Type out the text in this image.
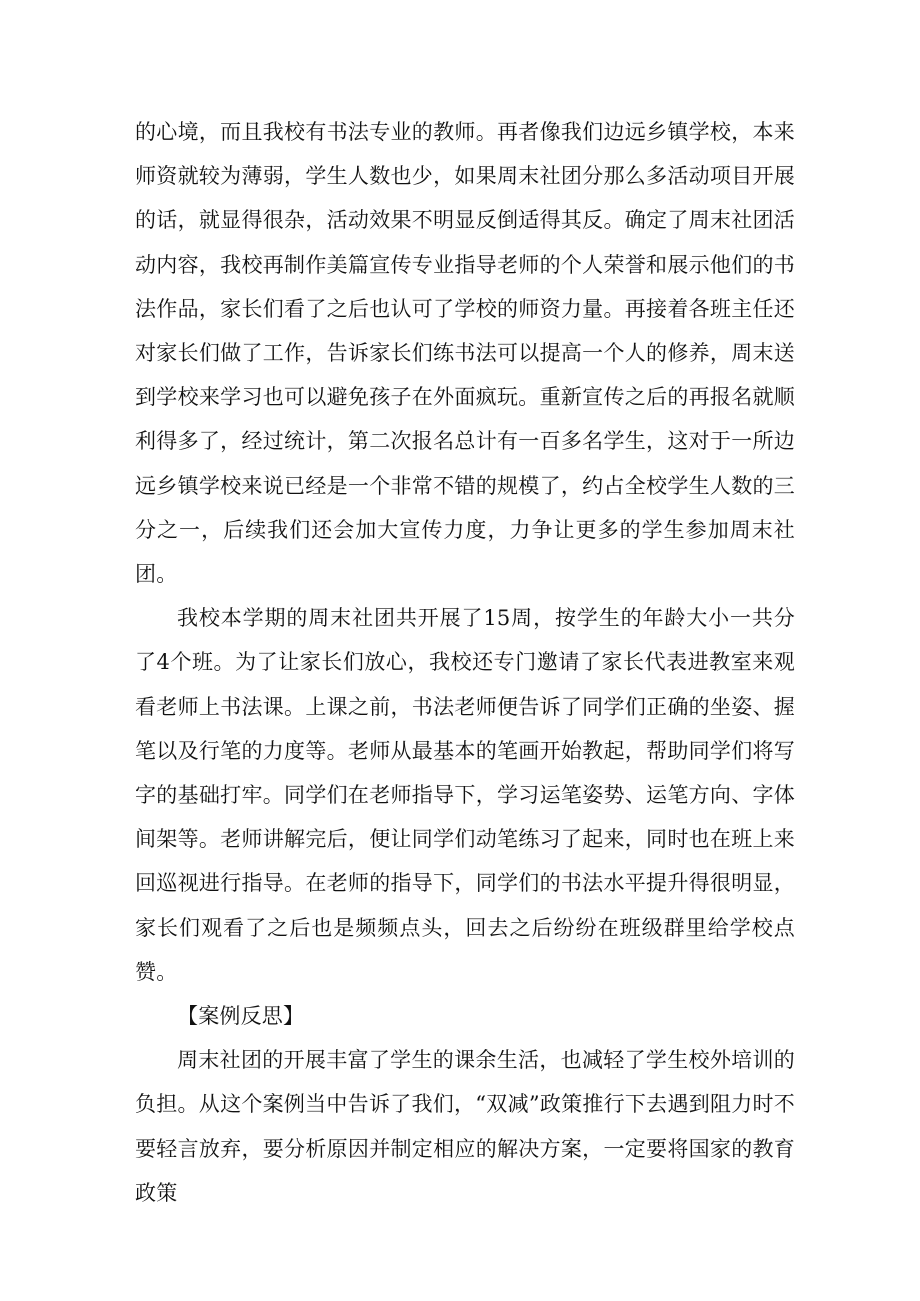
的心境，而且我校有书法专业的教师。再者像我们边远乡镇学校，本来师资就较为薄弱，学生人数也少，如果周末社团分那么多活动项目开展的话，就显得很杂，活动效果不明显反倒适得其反。确定了周末社团活动内容，我校再制作美篇宣传专业指导老师的个人荣誉和展示他们的书法作品，家长们看了之后也认可了学校的师资力量。再接着各班主任还对家长们做了工作，告诉家长们练书法可以提高一个人的修养，周末送到学校来学习也可以避免孩子在外面疯玩。重新宣传之后的再报名就顺利得多了，经过统计，第二次报名总计有一百多名学生，这对于一所边远乡镇学校来说已经是一个非常不错的规模了，约占全校学生人数的三分之一，后续我们还会加大宣传力度，力争让更多的学生参加周末社团。

我校本学期的周末社团共开展了15周，按学生的年龄大小一共分了4个班。为了让家长们放心，我校还专门邀请了家长代表进教室来观看老师上书法课。上课之前，书法老师便告诉了同学们正确的坐姿、握笔以及行笔的力度等。老师从最基本的笔画开始教起，帮助同学们将写字的基础打牢。同学们在老师指导下，学习运笔姿势、运笔方向、字体间架等。老师讲解完后，便让同学们动笔练习了起来，同时也在班上来回巡视进行指导。在老师的指导下，同学们的书法水平提升得很明显，家长们观看了之后也是频频点头，回去之后纷纷在班级群里给学校点赞。

【案例反思】

周末社团的开展丰富了学生的课余生活，也减轻了学生校外培训的负担。从这个案例当中告诉了我们，“双减”政策推行下去遇到阻力时不要轻言放弃，要分析原因并制定相应的解决方案，一定要将国家的教育政策
